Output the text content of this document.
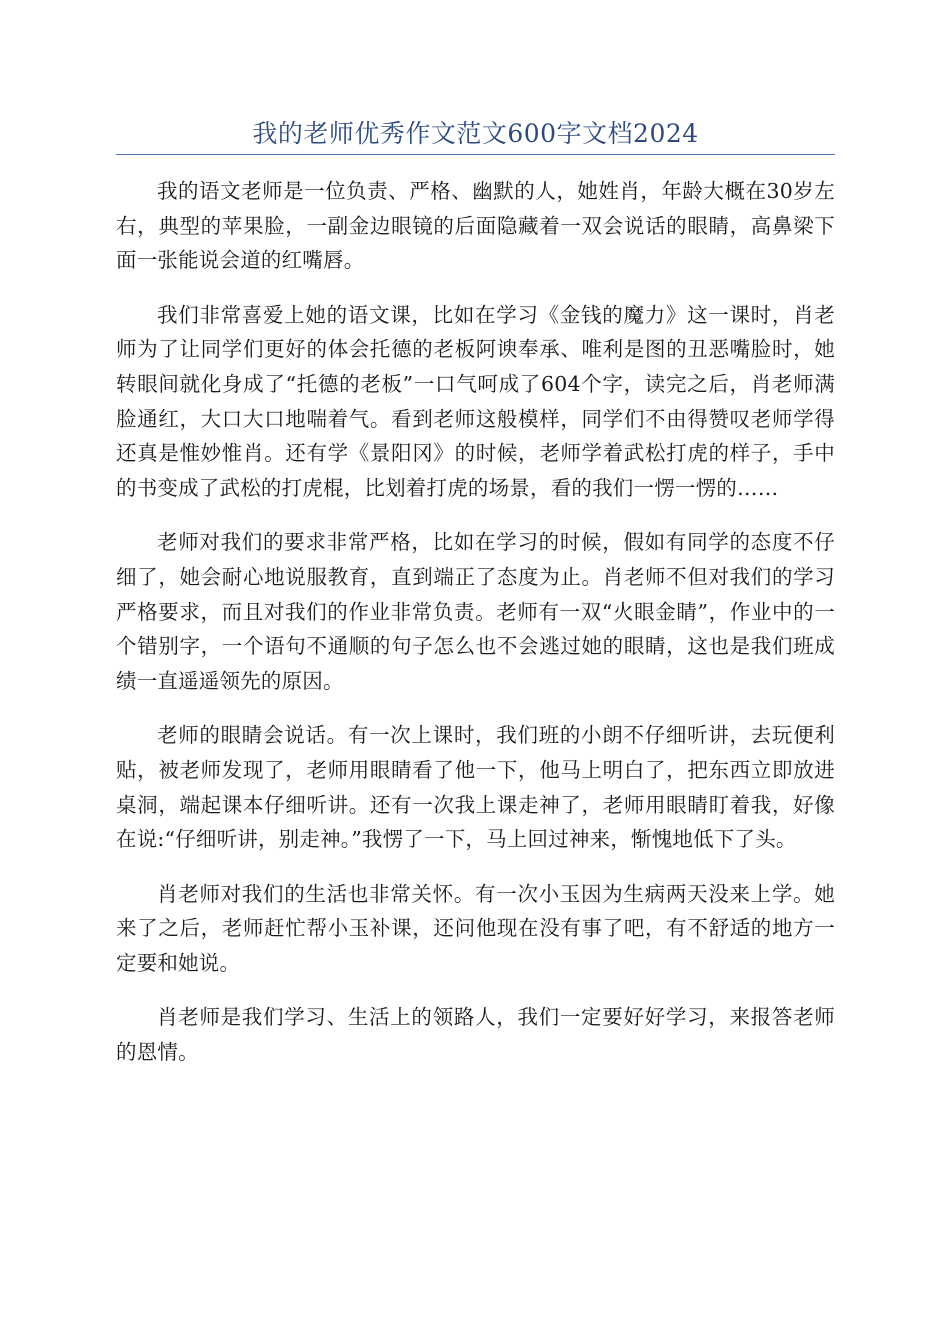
我的老师优秀作文范文600字文档2024

我的语文老师是一位负责、严格、幽默的人，她姓肖，年龄大概在30岁左右，典型的苹果脸，一副金边眼镜的后面隐藏着一双会说话的眼睛，高鼻梁下面一张能说会道的红嘴唇。

我们非常喜爱上她的语文课，比如在学习《金钱的魔力》这一课时，肖老师为了让同学们更好的体会托德的老板阿谀奉承、唯利是图的丑恶嘴脸时，她转眼间就化身成了“托德的老板”一口气呵成了604个字，读完之后，肖老师满脸通红，大口大口地喘着气。看到老师这般模样，同学们不由得赞叹老师学得还真是惟妙惟肖。还有学《景阳冈》的时候，老师学着武松打虎的样子，手中的书变成了武松的打虎棍，比划着打虎的场景，看的我们一愣一愣的……

老师对我们的要求非常严格，比如在学习的时候，假如有同学的态度不仔细了，她会耐心地说服教育，直到端正了态度为止。肖老师不但对我们的学习严格要求，而且对我们的作业非常负责。老师有一双“火眼金睛”，作业中的一个错别字，一个语句不通顺的句子怎么也不会逃过她的眼睛，这也是我们班成绩一直遥遥领先的原因。

老师的眼睛会说话。有一次上课时，我们班的小朗不仔细听讲，去玩便利贴，被老师发现了，老师用眼睛看了他一下，他马上明白了，把东西立即放进桌洞，端起课本仔细听讲。还有一次我上课走神了，老师用眼睛盯着我，好像在说:“仔细听讲，别走神。”我愣了一下，马上回过神来，惭愧地低下了头。

肖老师对我们的生活也非常关怀。有一次小玉因为生病两天没来上学。她来了之后，老师赶忙帮小玉补课，还问他现在没有事了吧，有不舒适的地方一定要和她说。

肖老师是我们学习、生活上的领路人，我们一定要好好学习，来报答老师的恩情。
